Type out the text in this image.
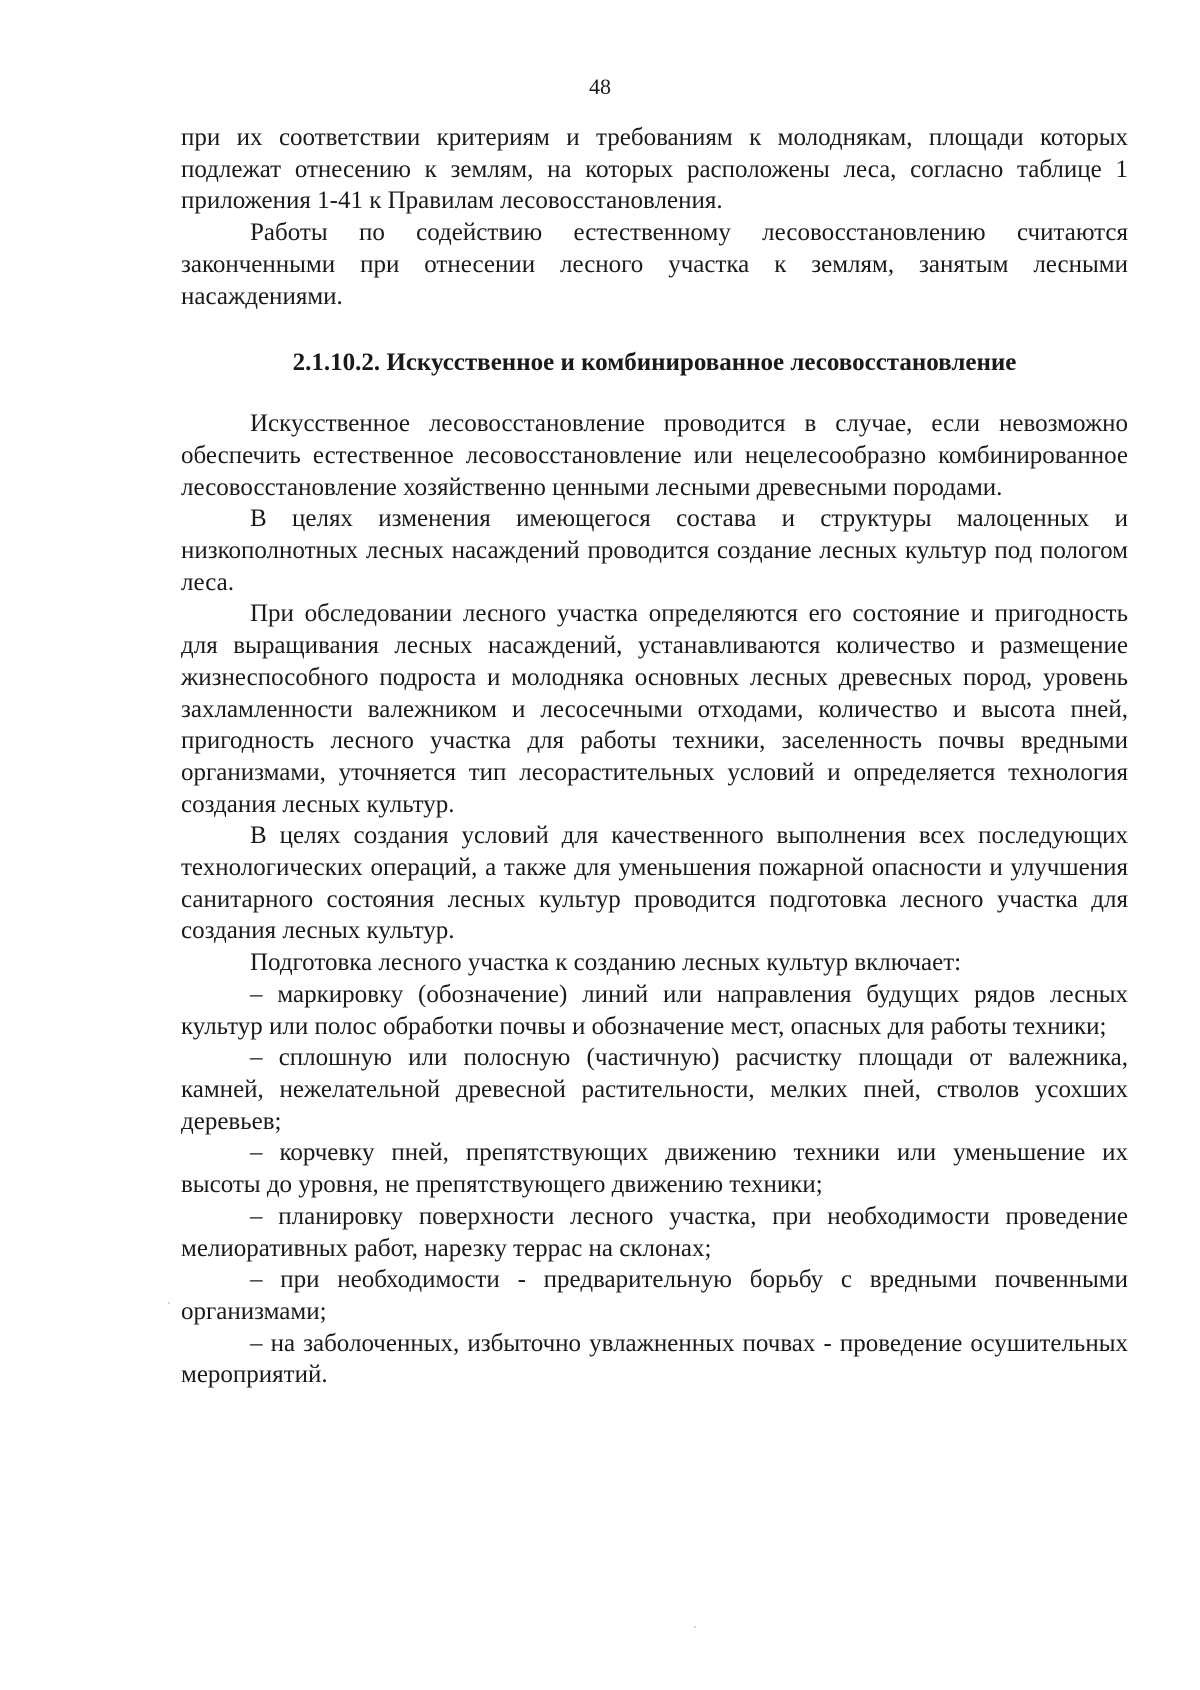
48

при их соответствии критериям и требованиям к молоднякам, площади которых подлежат отнесению к землям, на которых расположены леса, согласно таблице 1 приложения 1-41 к Правилам лесовосстановления.

Работы по содействию естественному лесовосстановлению считаются законченными при отнесении лесного участка к землям, занятым лесными насаждениями.

2.1.10.2. Искусственное и комбинированное лесовосстановление

Искусственное лесовосстановление проводится в случае, если невозможно обеспечить естественное лесовосстановление или нецелесообразно комбинированное лесовосстановление хозяйственно ценными лесными древесными породами.

В целях изменения имеющегося состава и структуры малоценных и низкополнотных лесных насаждений проводится создание лесных культур под пологом леса.

При обследовании лесного участка определяются его состояние и пригодность для выращивания лесных насаждений, устанавливаются количество и размещение жизнеспособного подроста и молодняка основных лесных древесных пород, уровень захламленности валежником и лесосечными отходами, количество и высота пней, пригодность лесного участка для работы техники, заселенность почвы вредными организмами, уточняется тип лесорастительных условий и определяется технология создания лесных культур.

В целях создания условий для качественного выполнения всех последующих технологических операций, а также для уменьшения пожарной опасности и улучшения санитарного состояния лесных культур проводится подготовка лесного участка для создания лесных культур.

Подготовка лесного участка к созданию лесных культур включает:

– маркировку (обозначение) линий или направления будущих рядов лесных культур или полос обработки почвы и обозначение мест, опасных для работы техники;

– сплошную или полосную (частичную) расчистку площади от валежника, камней, нежелательной древесной растительности, мелких пней, стволов усохших деревьев;

– корчевку пней, препятствующих движению техники или уменьшение их высоты до уровня, не препятствующего движению техники;

– планировку поверхности лесного участка, при необходимости проведение мелиоративных работ, нарезку террас на склонах;

– при необходимости - предварительную борьбу с вредными почвенными организмами;

– на заболоченных, избыточно увлажненных почвах - проведение осушительных мероприятий.
